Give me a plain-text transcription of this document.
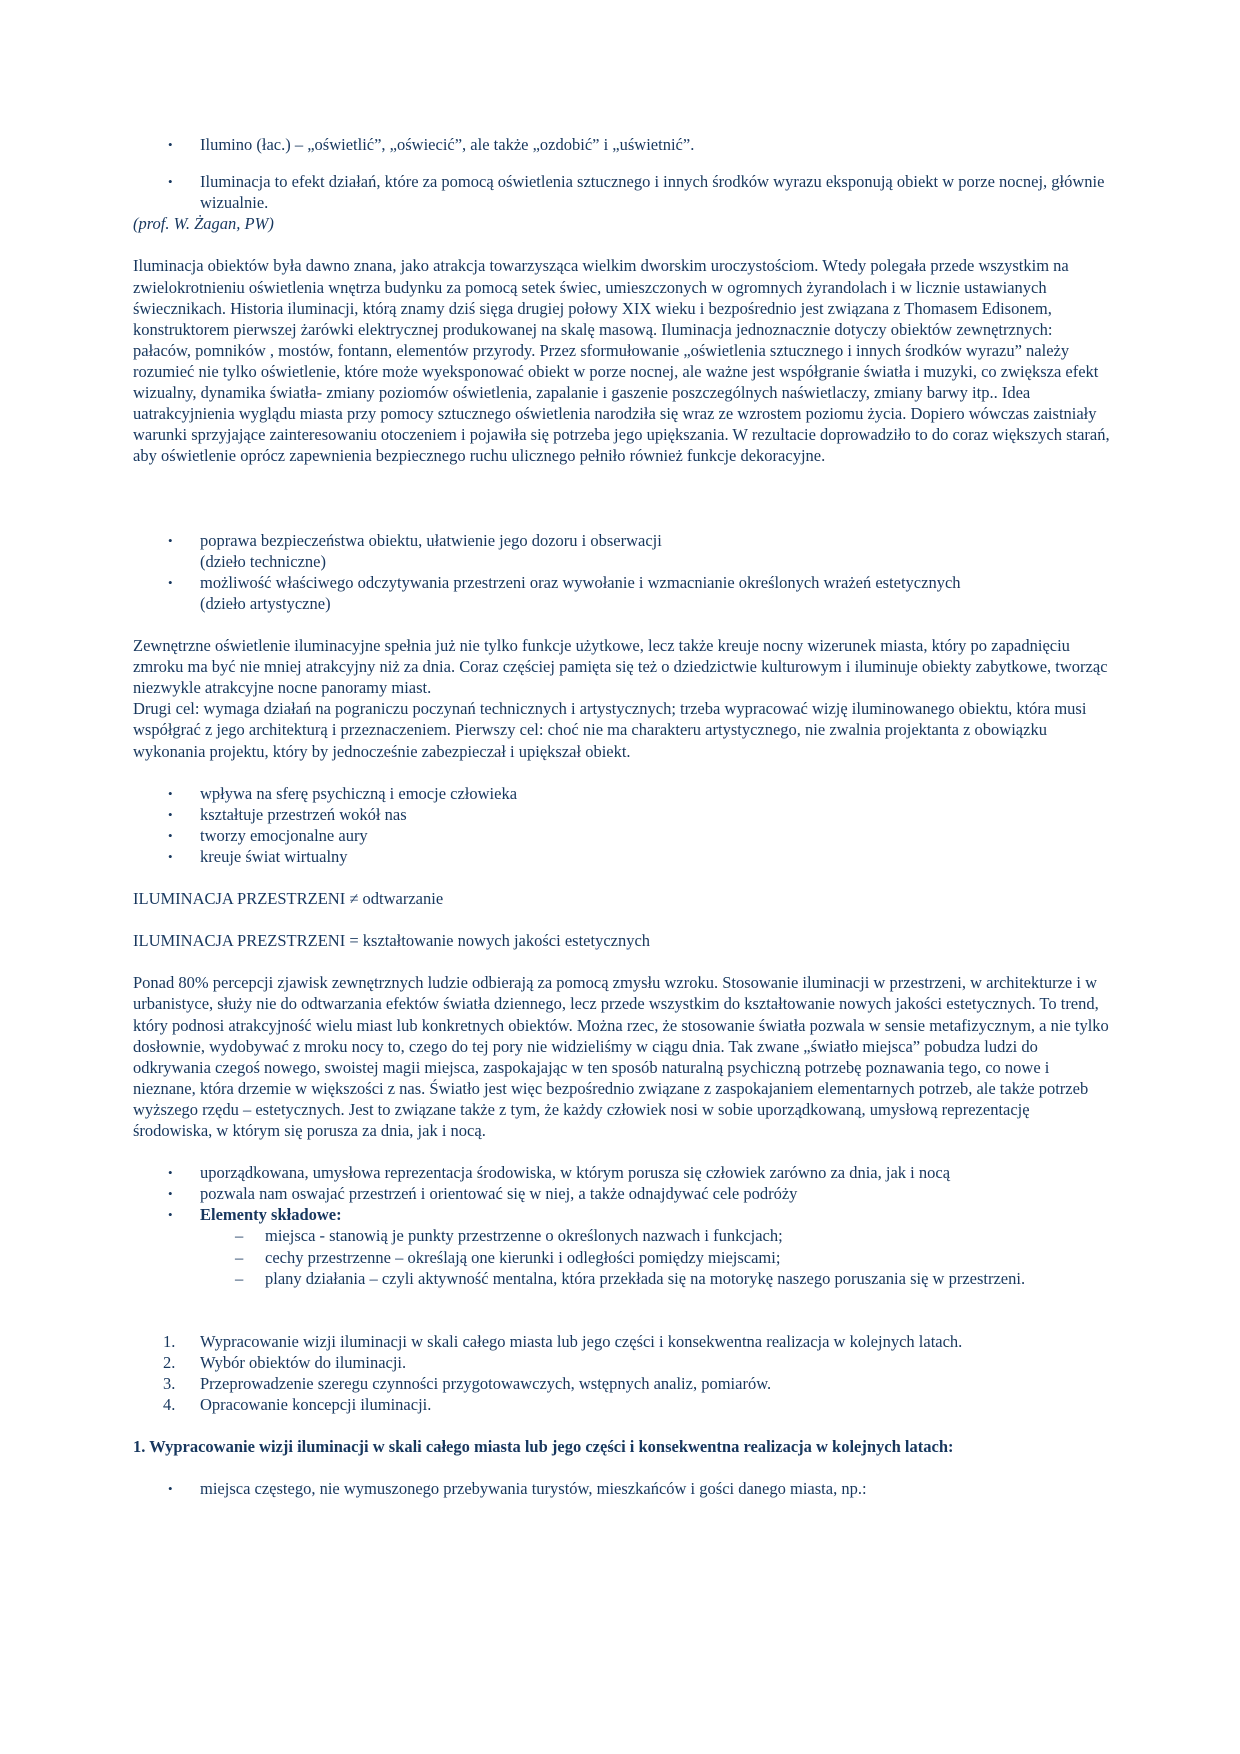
•	Ilumino (łac.) – „oświetlić”, „oświecić”, ale także „ozdobić” i „uświetnić”.
•	Iluminacja to efekt działań, które za pomocą oświetlenia sztucznego i innych środków wyrazu eksponują obiekt w porze nocnej, głównie wizualnie.
(prof. W. Żagan, PW)
Iluminacja obiektów była dawno znana, jako atrakcja towarzysząca wielkim dworskim uroczystościom. Wtedy polegała przede wszystkim na zwielokrotnieniu oświetlenia wnętrza budynku za pomocą setek świec, umieszczonych w ogromnych żyrandolach i w licznie ustawianych świecznikach. Historia iluminacji, którą znamy dziś sięga drugiej połowy XIX wieku i bezpośrednio jest związana z Thomasem Edisonem, konstruktorem pierwszej żarówki elektrycznej produkowanej na skalę masową. Iluminacja jednoznacznie dotyczy obiektów zewnętrznych: pałaców, pomników , mostów, fontann, elementów przyrody. Przez sformułowanie „oświetlenia sztucznego i innych środków wyrazu” należy rozumieć nie tylko oświetlenie, które może wyeksponować obiekt w porze nocnej, ale ważne jest współgranie światła i muzyki, co zwiększa efekt wizualny, dynamika światła- zmiany poziomów oświetlenia, zapalanie i gaszenie poszczególnych naświetlaczy, zmiany barwy itp.. Idea uatrakcyjnienia wyglądu miasta przy pomocy sztucznego oświetlenia narodziła się wraz ze wzrostem poziomu życia. Dopiero wówczas zaistniały warunki sprzyjające zainteresowaniu otoczeniem i pojawiła się potrzeba jego upiększania. W rezultacie doprowadziło to do coraz większych starań, aby oświetlenie oprócz zapewnienia bezpiecznego ruchu ulicznego pełniło również funkcje dekoracyjne.
•	poprawa bezpieczeństwa obiektu, ułatwienie jego dozoru i obserwacji
(dzieło techniczne)
•	możliwość właściwego odczytywania przestrzeni oraz wywołanie i wzmacnianie określonych wrażeń estetycznych
(dzieło artystyczne)
Zewnętrzne oświetlenie iluminacyjne spełnia już nie tylko funkcje użytkowe, lecz także kreuje nocny wizerunek miasta, który po zapadnięciu zmroku ma być nie mniej atrakcyjny niż za dnia. Coraz częściej pamięta się też o dziedzictwie kulturowym i iluminuje obiekty zabytkowe, tworząc niezwykle atrakcyjne nocne panoramy miast.
Drugi cel: wymaga działań na pograniczu poczynań technicznych i artystycznych; trzeba wypracować wizję iluminowanego obiektu, która musi współgrać z jego architekturą i przeznaczeniem. Pierwszy cel: choć nie ma charakteru artystycznego, nie zwalnia projektanta z obowiązku wykonania projektu, który by jednocześnie zabezpieczał i upiększał obiekt.
•	wpływa na sferę psychiczną i emocje człowieka
•	kształtuje przestrzeń wokół nas
•	tworzy emocjonalne aury
•	kreuje świat wirtualny
ILUMINACJA PRZESTRZENI ≠ odtwarzanie
ILUMINACJA PREZSTRZENI = kształtowanie nowych jakości estetycznych
Ponad 80% percepcji zjawisk zewnętrznych ludzie odbierają za pomocą zmysłu wzroku. Stosowanie iluminacji w przestrzeni, w architekturze i w urbanistyce, służy nie do odtwarzania efektów światła dziennego, lecz przede wszystkim do kształtowanie nowych jakości estetycznych. To trend, który podnosi atrakcyjność wielu miast lub konkretnych obiektów. Można rzec, że stosowanie światła pozwala w sensie metafizycznym, a nie tylko dosłownie, wydobywać z mroku nocy to, czego do tej pory nie widzieliśmy w ciągu dnia. Tak zwane „światło miejsca” pobudza ludzi do odkrywania czegoś nowego, swoistej magii miejsca, zaspokajając w ten sposób naturalną psychiczną potrzebę poznawania tego, co nowe i nieznane, która drzemie w większości z nas. Światło jest więc bezpośrednio związane z zaspokajaniem elementarnych potrzeb, ale także potrzeb wyższego rzędu – estetycznych. Jest to związane także z tym, że każdy człowiek nosi w sobie uporządkowaną, umysłową reprezentację środowiska, w którym się porusza za dnia, jak i nocą.
•	uporządkowana, umysłowa reprezentacja środowiska, w którym porusza się człowiek zarówno za dnia, jak i nocą
•	pozwala nam oswajać przestrzeń i orientować się w niej, a także odnajdywać cele podróży
•	Elementy składowe:
–	miejsca - stanowią je punkty przestrzenne o określonych nazwach i funkcjach;
–	cechy przestrzenne – określają one kierunki i odległości pomiędzy miejscami;
–	plany działania – czyli aktywność mentalna, która przekłada się na motorykę naszego poruszania się w przestrzeni.
1.	Wypracowanie wizji iluminacji w skali całego miasta lub jego części i konsekwentna realizacja w kolejnych latach.
2.	Wybór obiektów do iluminacji.
3.	Przeprowadzenie szeregu czynności przygotowawczych, wstępnych analiz, pomiarów.
4.	Opracowanie koncepcji iluminacji.
1. Wypracowanie wizji iluminacji w skali całego miasta lub jego części i konsekwentna realizacja w kolejnych latach:
•	miejsca częstego, nie wymuszonego przebywania turystów, mieszkańców i gości danego miasta, np.:
